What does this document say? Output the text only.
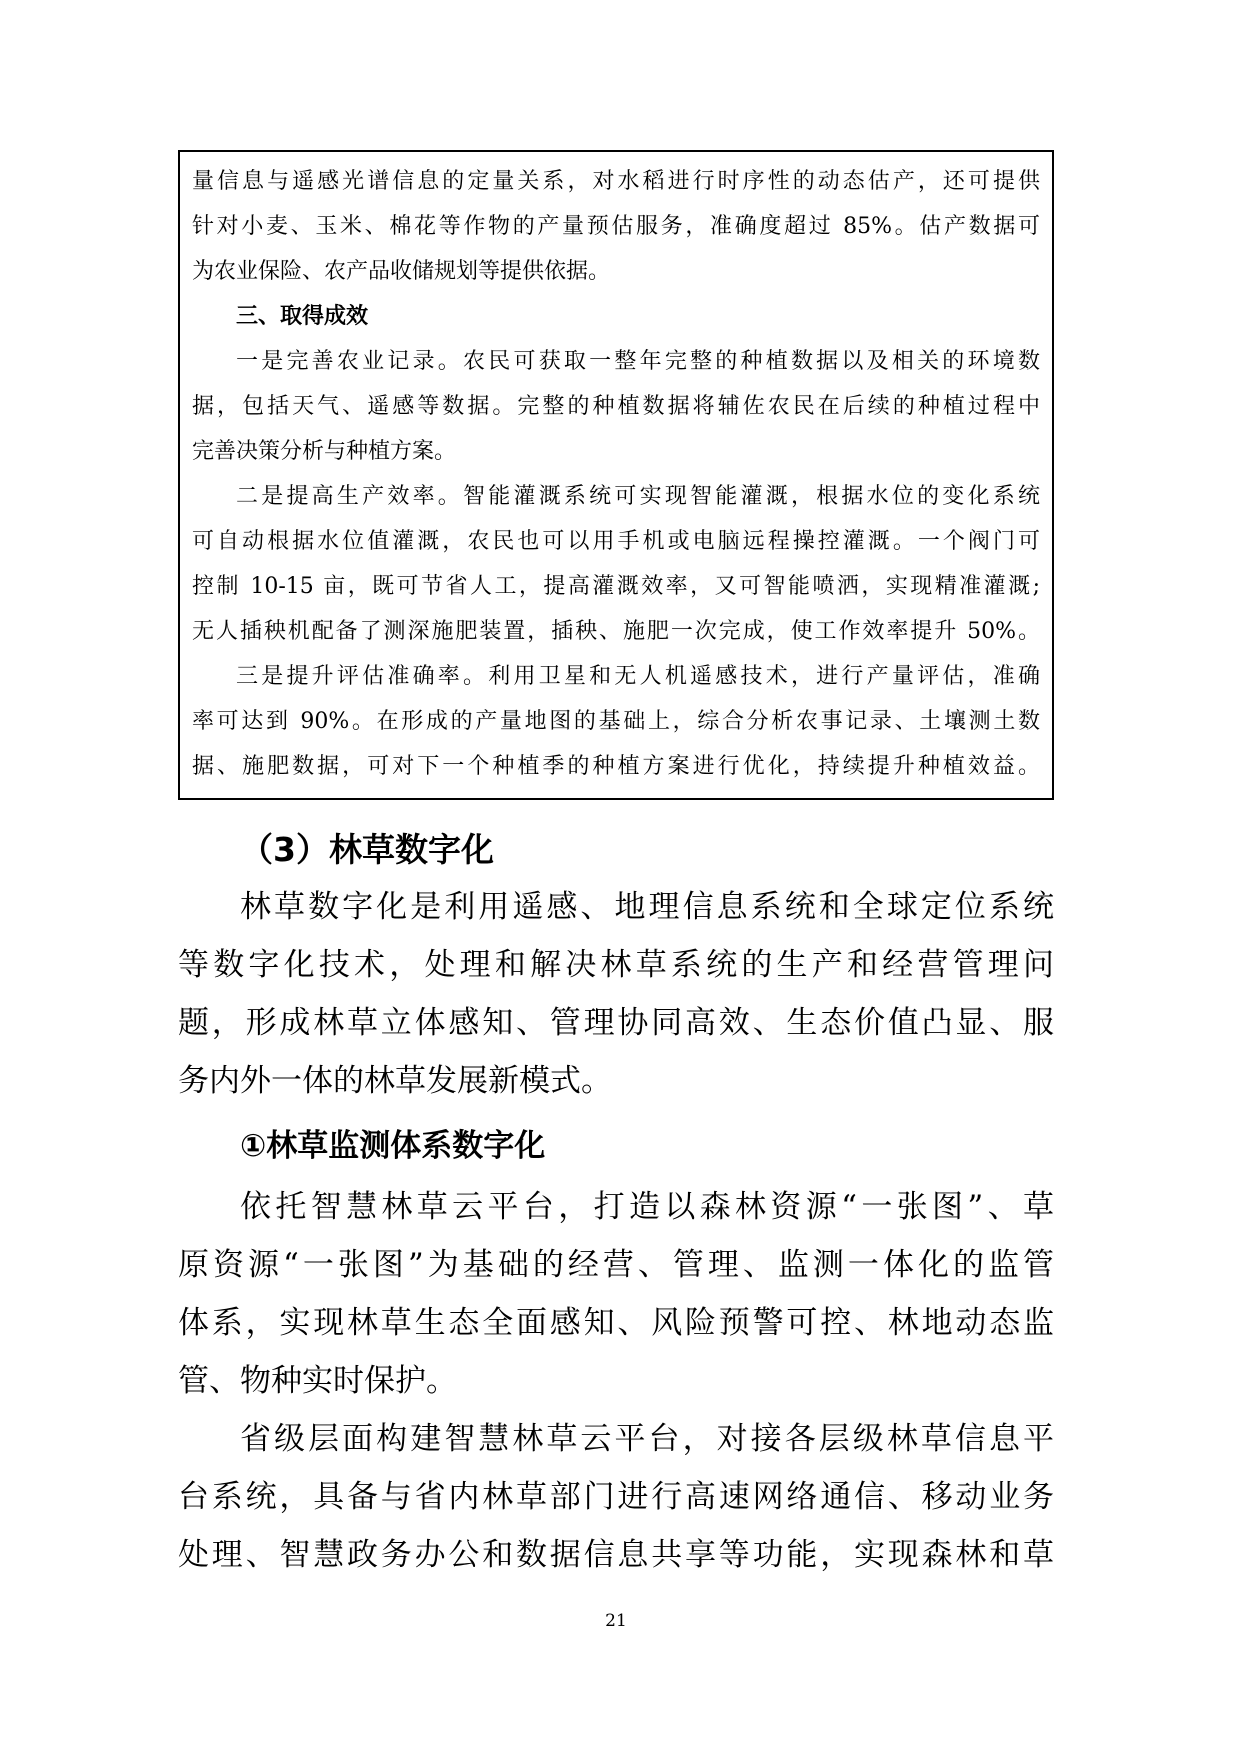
量信息与遥感光谱信息的定量关系，对水稻进行时序性的动态估产，还可提供
针对小麦、玉米、棉花等作物的产量预估服务，准确度超过 85%。估产数据可
为农业保险、农产品收储规划等提供依据。
三、取得成效
一是完善农业记录。农民可获取一整年完整的种植数据以及相关的环境数
据，包括天气、遥感等数据。完整的种植数据将辅佐农民在后续的种植过程中
完善决策分析与种植方案。
二是提高生产效率。智能灌溉系统可实现智能灌溉，根据水位的变化系统
可自动根据水位值灌溉，农民也可以用手机或电脑远程操控灌溉。一个阀门可
控制 10-15 亩，既可节省人工，提高灌溉效率，又可智能喷洒，实现精准灌溉;
无人插秧机配备了测深施肥装置，插秧、施肥一次完成，使工作效率提升 50%。
三是提升评估准确率。利用卫星和无人机遥感技术，进行产量评估，准确
率可达到 90%。在形成的产量地图的基础上，综合分析农事记录、土壤测土数
据、施肥数据，可对下一个种植季的种植方案进行优化，持续提升种植效益。
（3）林草数字化
林草数字化是利用遥感、地理信息系统和全球定位系统
等数字化技术，处理和解决林草系统的生产和经营管理问
题，形成林草立体感知、管理协同高效、生态价值凸显、服
务内外一体的林草发展新模式。
①林草监测体系数字化
依托智慧林草云平台，打造以森林资源“一张图”、草
原资源“一张图”为基础的经营、管理、监测一体化的监管
体系，实现林草生态全面感知、风险预警可控、林地动态监
管、物种实时保护。
省级层面构建智慧林草云平台，对接各层级林草信息平
台系统，具备与省内林草部门进行高速网络通信、移动业务
处理、智慧政务办公和数据信息共享等功能，实现森林和草
21
